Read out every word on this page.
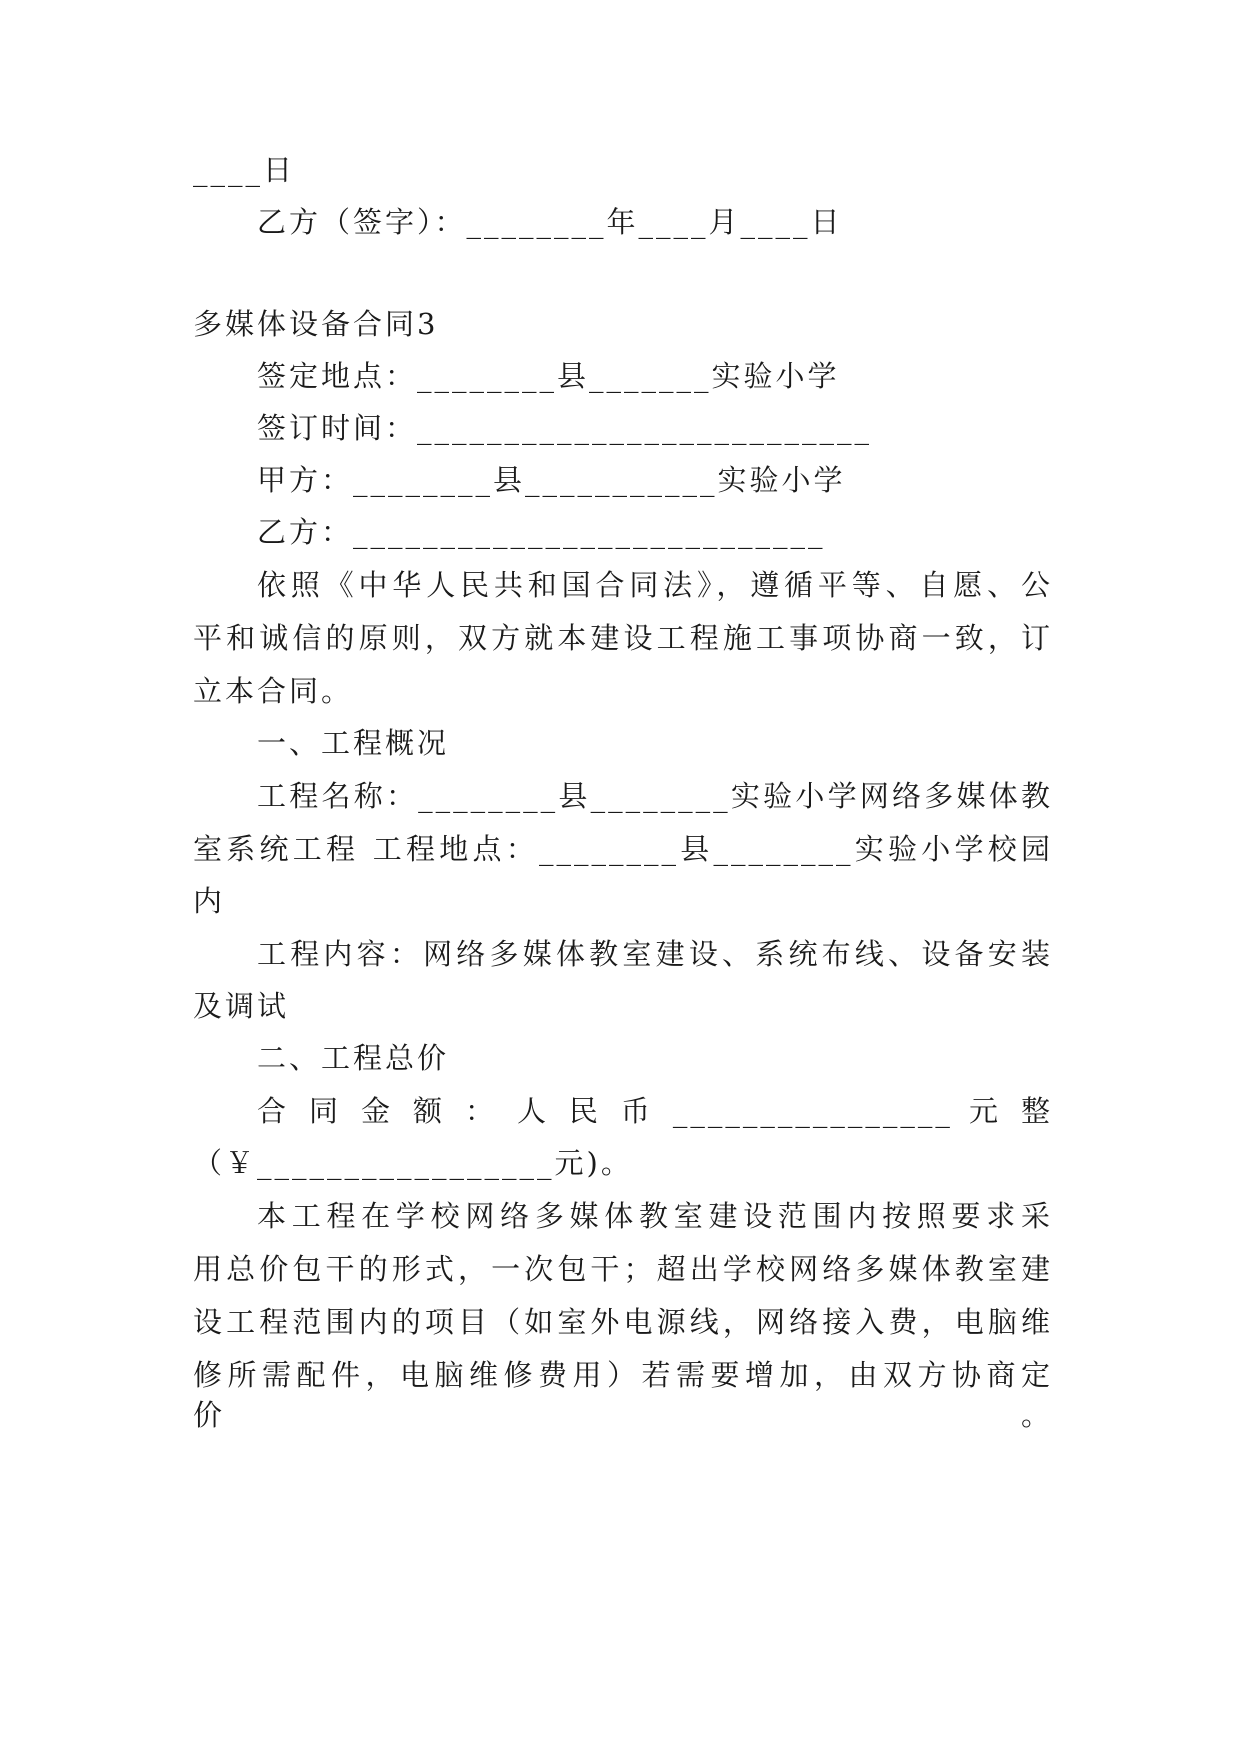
____日
乙方（签字）：________年____月____日
多媒体设备合同3
签定地点：________县_______实验小学
签订时间：__________________________
甲方：________县___________实验小学
乙方：___________________________
依照《中华人民共和国合同法》，遵循平等、自愿、公
平和诚信的原则，双方就本建设工程施工事项协商一致，订
立本合同。
一、工程概况
工程名称：________县________实验小学网络多媒体教
室系统工程 工程地点：________县________实验小学校园
内
工程内容：网络多媒体教室建设、系统布线、设备安装
及调试
二、工程总价
合 同 金 额 ： 人 民 币 ________________ 元 整
（￥_________________元)。
本工程在学校网络多媒体教室建设范围内按照要求采
用总价包干的形式，一次包干；超出学校网络多媒体教室建
设工程范围内的项目（如室外电源线，网络接入费，电脑维
修所需配件，电脑维修费用）若需要增加，由双方协商定价。
